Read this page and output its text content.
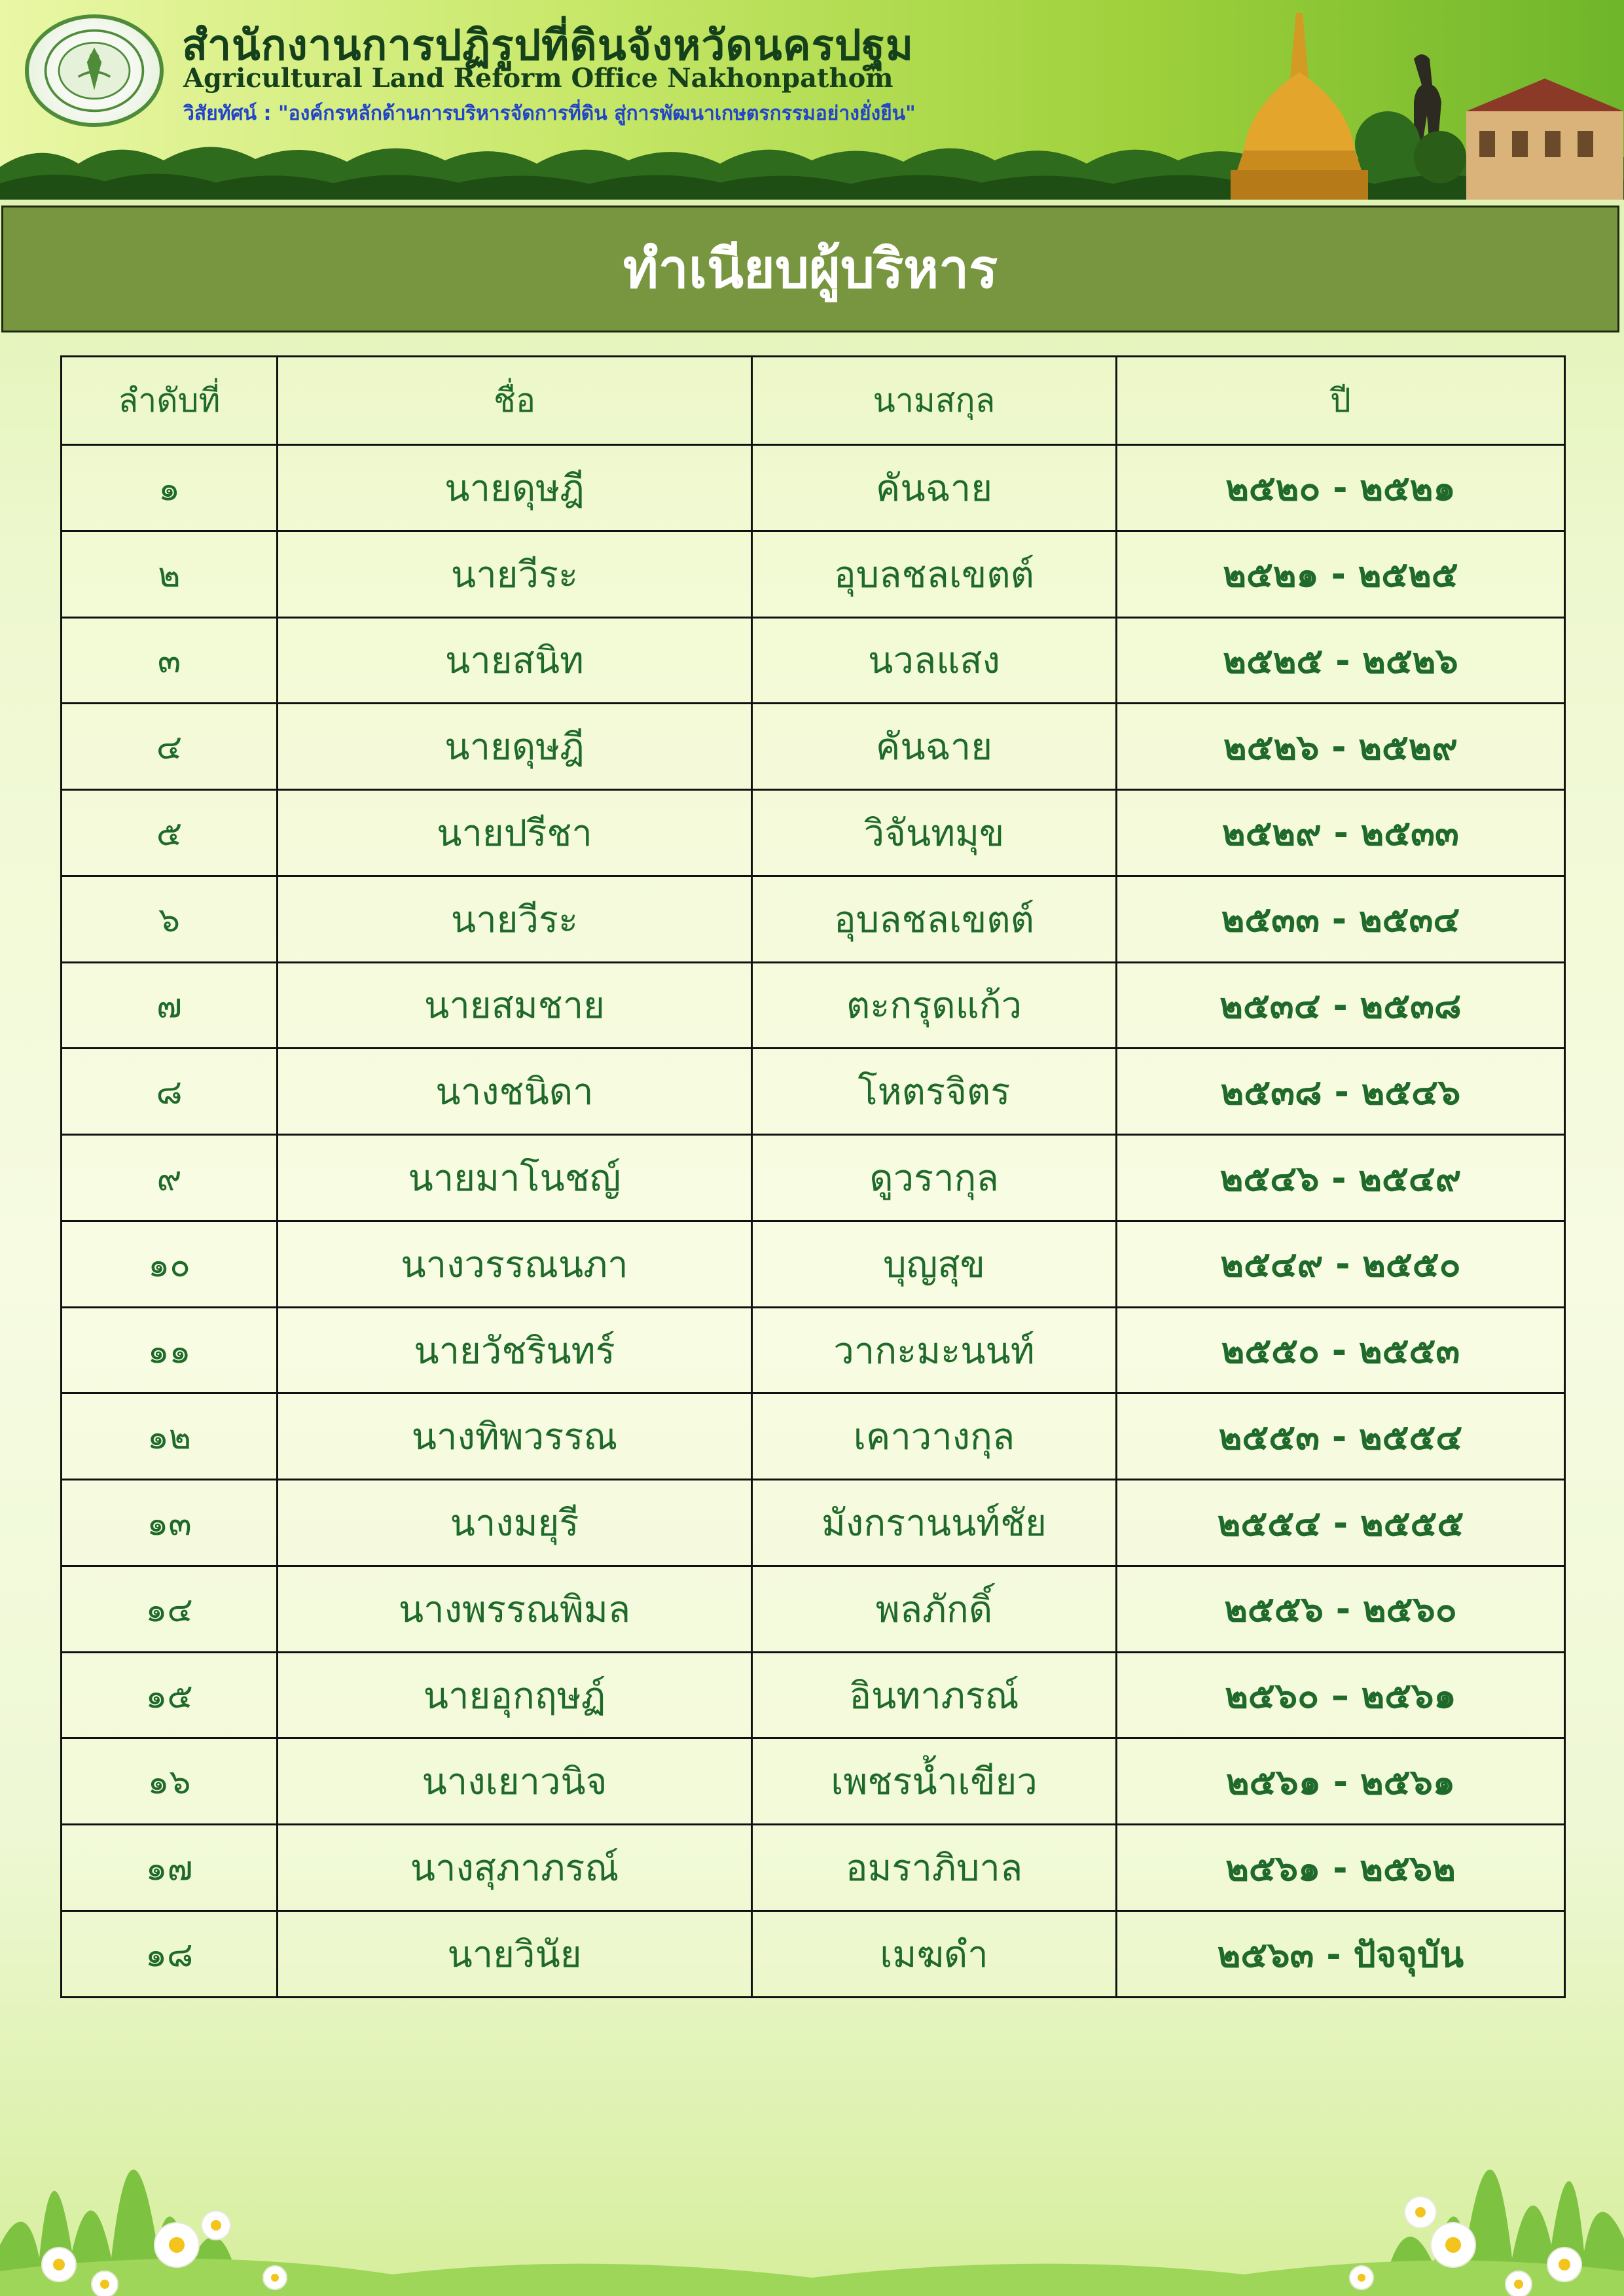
สำนักงานการปฏิรูปที่ดินจังหวัดนครปฐม
Agricultural Land Reform Office Nakhonpathom
วิสัยทัศน์ : "องค์กรหลักด้านการบริหารจัดการที่ดิน สู่การพัฒนาเกษตรกรรมอย่างยั่งยืน"
ทำเนียบผู้บริหาร
ลำดับที่	ชื่อ	นามสกุล	ปี
๑	นายดุษฎี	คันฉาย	๒๕๒๐ - ๒๕๒๑
๒	นายวีระ	อุบลชลเขตต์	๒๕๒๑ - ๒๕๒๕
๓	นายสนิท	นวลแสง	๒๕๒๕ - ๒๕๒๖
๔	นายดุษฎี	คันฉาย	๒๕๒๖ - ๒๕๒๙
๕	นายปรีชา	วิจันทมุข	๒๕๒๙ - ๒๕๓๓
๖	นายวีระ	อุบลชลเขตต์	๒๕๓๓ - ๒๕๓๔
๗	นายสมชาย	ตะกรุดแก้ว	๒๕๓๔ - ๒๕๓๘
๘	นางชนิดา	โหตรจิตร	๒๕๓๘ - ๒๕๔๖
๙	นายมาโนชญ์	ดูวรากุล	๒๕๔๖ - ๒๕๔๙
๑๐	นางวรรณนภา	บุญสุข	๒๕๔๙ - ๒๕๕๐
๑๑	นายวัชรินทร์	วากะมะนนท์	๒๕๕๐ - ๒๕๕๓
๑๒	นางทิพวรรณ	เคาวางกุล	๒๕๕๓ - ๒๕๕๔
๑๓	นางมยุรี	มังกรานนท์ชัย	๒๕๕๔ - ๒๕๕๕
๑๔	นางพรรณพิมล	พลภักดิ์	๒๕๕๖ - ๒๕๖๐
๑๕	นายอุกฤษฏ์	อินทาภรณ์	๒๕๖๐ – ๒๕๖๑
๑๖	นางเยาวนิจ	เพชรน้ำเขียว	๒๕๖๑ - ๒๕๖๑
๑๗	นางสุภาภรณ์	อมราภิบาล	๒๕๖๑ - ๒๕๖๒
๑๘	นายวินัย	เมฆดำ	๒๕๖๓ - ปัจจุบัน
